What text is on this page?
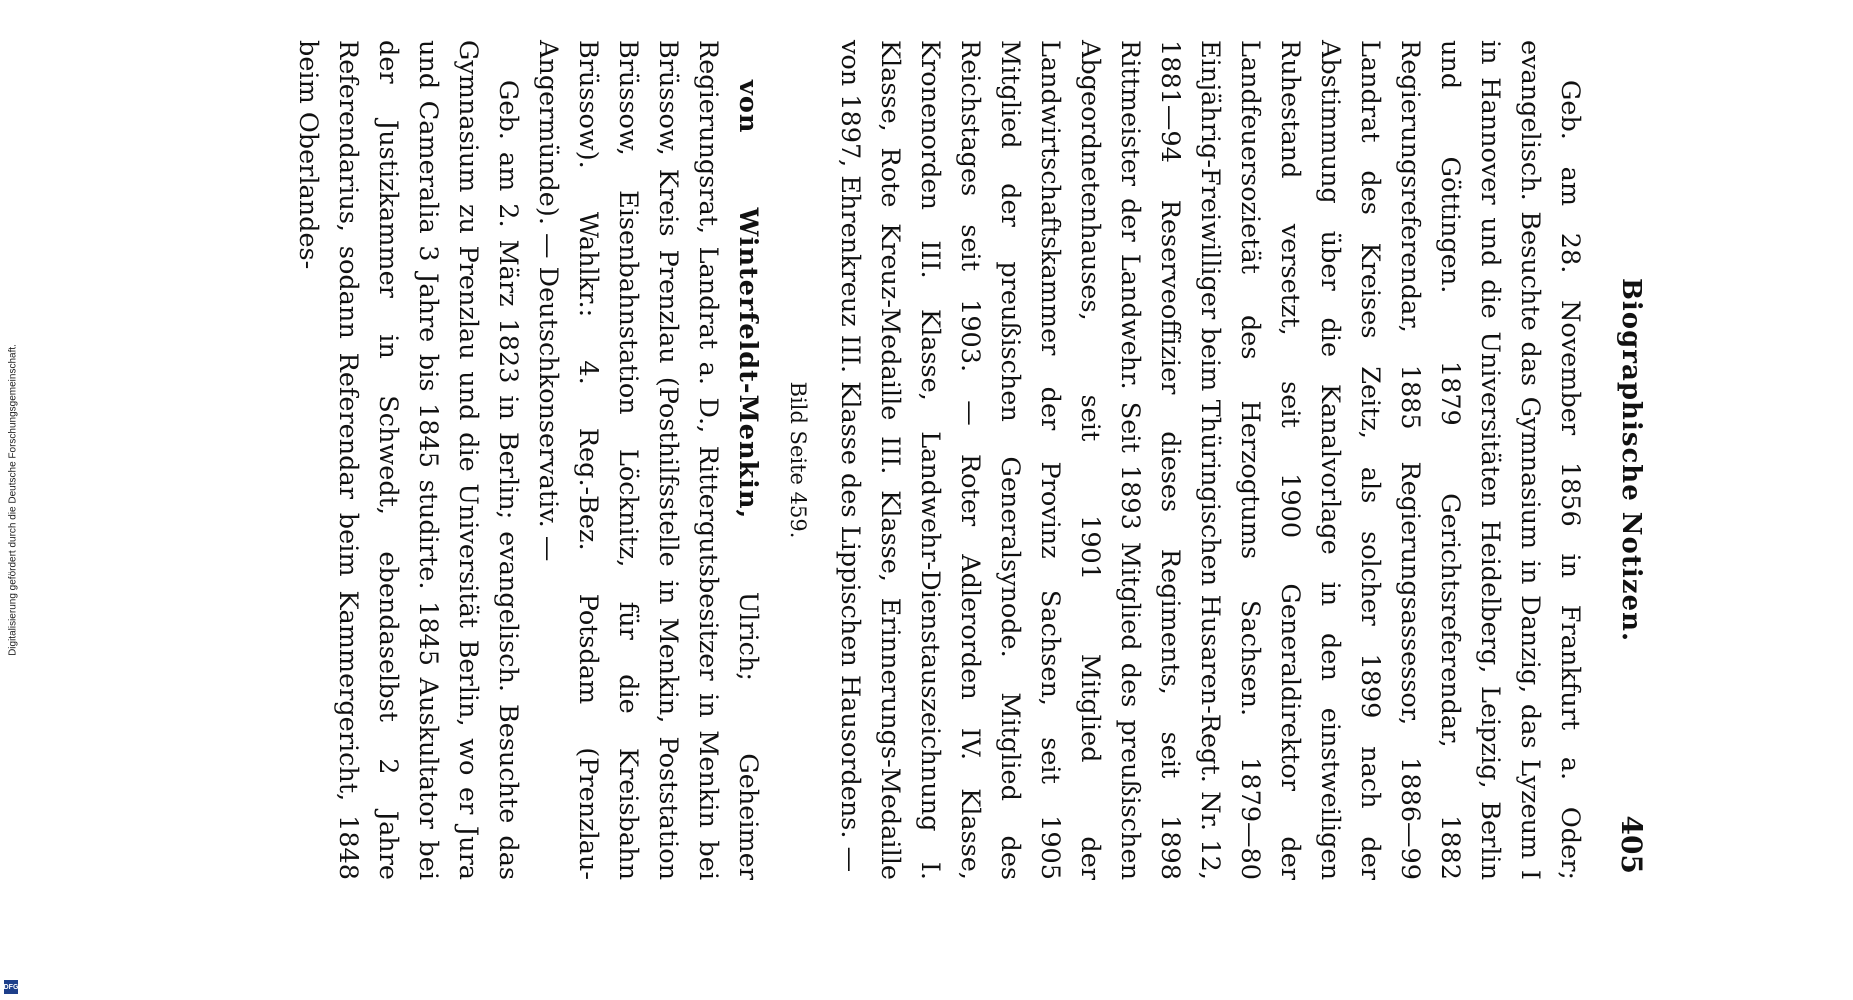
Digitalisierung gefördert durch die Deutsche Forschungsgemeinschaft.
DFG
Biographische Notizen.
405

Geb. am 28. November 1856 in Frankfurt a. Oder; evangelisch. Besuchte das Gymnasium in Danzig, das Lyzeum I in Hannover und die Universitäten Heidelberg, Leipzig, Berlin und Göttingen. 1879 Gerichtsreferendar, 1882 Regierungsreferendar, 1885 Regierungsassessor, 1886—99 Landrat des Kreises Zeitz, als solcher 1899 nach der Abstimmung über die Kanalvorlage in den einstweiligen Ruhestand versetzt, seit 1900 Generaldirektor der Landfeuersozietät des Herzogtums Sachsen. 1879—80 Einjährig-Freiwilliger beim Thüringischen Husaren-Regt. Nr. 12, 1881—94 Reserveoffizier dieses Regiments, seit 1898 Rittmeister der Landwehr. Seit 1893 Mitglied des preußischen Abgeordnetenhauses, seit 1901 Mitglied der Landwirtschaftskammer der Provinz Sachsen, seit 1905 Mitglied der preußischen Generalsynode. Mitglied des Reichstages seit 1903. — Roter Adlerorden IV. Klasse, Kronenorden III. Klasse, Landwehr-Dienstauszeichnung I. Klasse, Rote Kreuz-Medaille III. Klasse, Erinnerungs-Medaille von 1897, Ehrenkreuz III. Klasse des Lippischen Hausordens. —

Bild Seite 459.

von Winterfeldt-Menkin, Ulrich; Geheimer Regierungsrat, Landrat a. D., Rittergutsbesitzer in Menkin bei Brüssow, Kreis Prenzlau (Posthilfsstelle in Menkin, Poststation Brüssow, Eisenbahnstation Löcknitz, für die Kreisbahn Brüssow). Wahlkr.: 4. Reg.-Bez. Potsdam (Prenzlau-Angermünde). — Deutschkonservativ. —

Geb. am 2. März 1823 in Berlin; evangelisch. Besuchte das Gymnasium zu Prenzlau und die Universität Berlin, wo er Jura und Cameralia 3 Jahre bis 1845 studirte. 1845 Auskultator bei der Justizkammer in Schwedt, ebendaselbst 2 Jahre Referendarius, sodann Referendar beim Kammergericht, 1848 beim Oberlandes-
